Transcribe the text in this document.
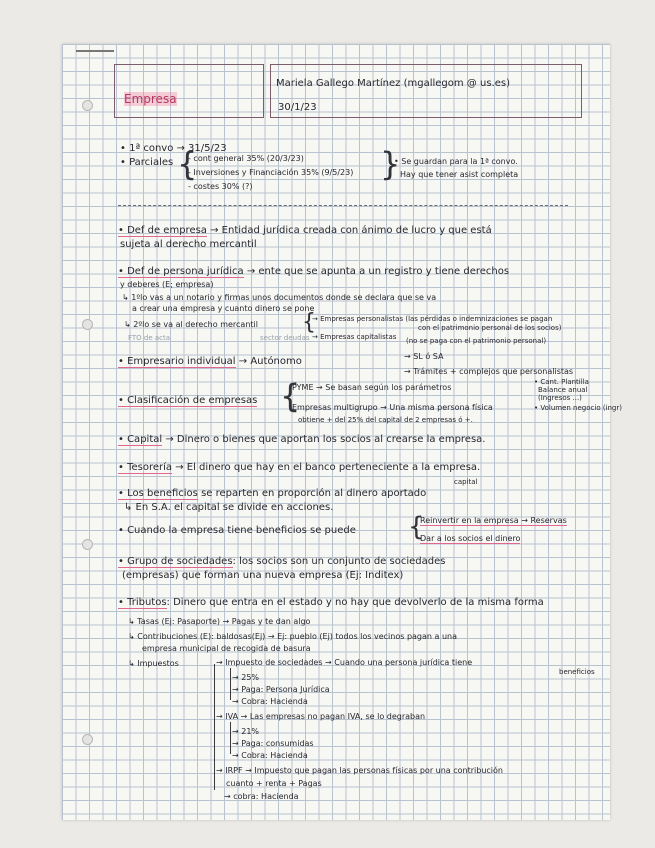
Empresa
Mariela Gallego Martínez (mgallegom @ us.es)
30/1/23
• 1ª convo → 31/5/23
• Parciales {
- cont general 35% (20/3/23)
- Inversiones y Financiación 35% (9/5/23)
- costes 30% (?)
}
• Se guardan para la 1ª convo.
Hay que tener asist completa
• Def de empresa → Entidad jurídica creada con ánimo de lucro y que está
sujeta al derecho mercantil
• Def de persona jurídica → ente que se apunta a un registro y tiene derechos
y deberes (E; empresa)
↳ 1ºlo vas a un notario y firmas unos documentos donde se declara que se va
a crear una empresa y cuanto dinero se pone
↳ 2ºlo se va al derecho mercantil
FTO de acta	sector deudas
{
→ Empresas personalistas (las pérdidas o indemnizaciones se pagan
con el patrimonio personal de los socios)
→ Empresas capitalistas (no se paga con el patrimonio personal)
→ SL ó SA
→ Trámites + complejos que personalistas
• Empresario individual → Autónomo
• Clasificación de empresas {
PYME → Se basan según los parámetros
• Cant. Plantilla
Balance anual
(Ingresos ...)
• Volumen negocio (ingr)
Empresas multigrupo → Una misma persona física
obtiene + del 25% del capital de 2 empresas ó +.
• Capital → Dinero o bienes que aportan los socios al crearse la empresa.
• Tesorería → El dinero que hay en el banco perteneciente a la empresa.
capital
• Los beneficios se reparten en proporción al dinero aportado
↳ En S.A. el capital se divide en acciones.
• Cuando la empresa tiene beneficios se puede {
Reinvertir en la empresa → Reservas
Dar a los socios el dinero
• Grupo de sociedades: los socios son un conjunto de sociedades
(empresas) que forman una nueva empresa (Ej: Inditex)
• Tributos: Dinero que entra en el estado y no hay que devolverlo de la misma forma
↳ Tasas (Ej: Pasaporte) → Pagas y te dan algo
↳ Contribuciones (E): baldosas(Ej) → Ej: pueblo (Ej) todos los vecinos pagan a una
empresa municipal de recogida de basura
↳ Impuestos	→ Impuesto de sociedades → Cuando una persona jurídica tiene
beneficios
→ 25%
→ Paga: Persona Jurídica
→ Cobra: Hacienda
→ IVA → Las empresas no pagan IVA, se lo degraban
→ 21%
→ Paga: consumidas
→ Cobra: Hacienda
→ IRPF → Impuesto que pagan las personas físicas por una contribución
cuanto + renta + Pagas
→ cobra: Hacienda
